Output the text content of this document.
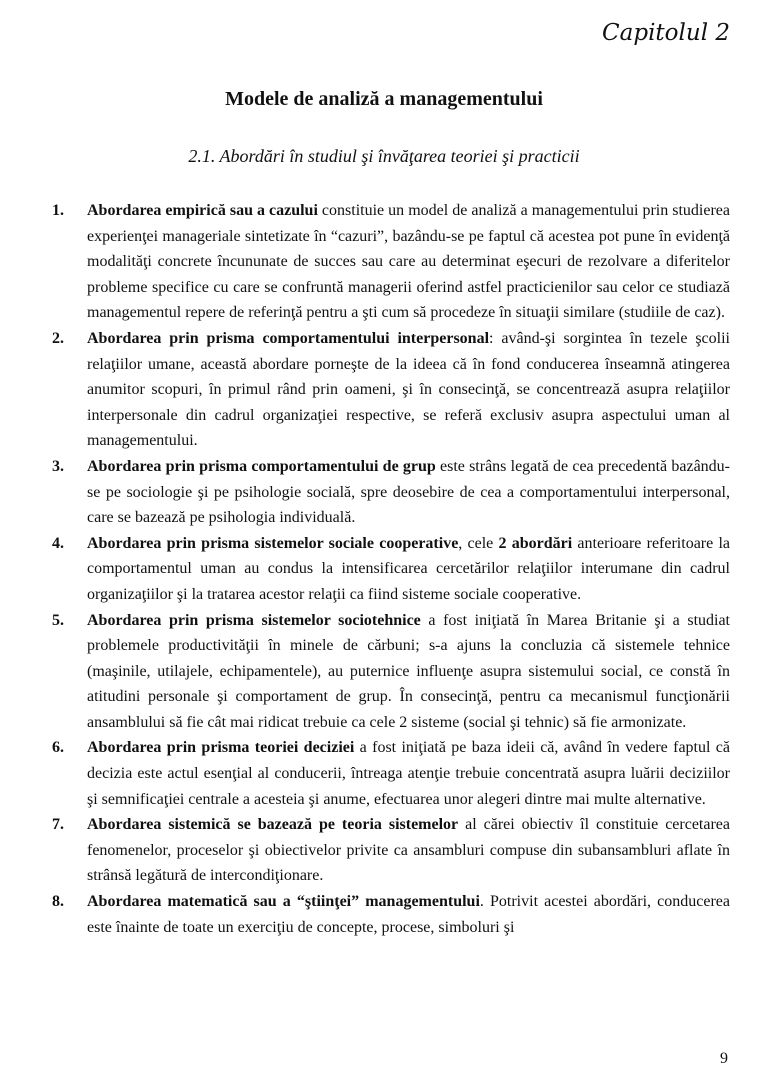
Capitolul 2
Modele de analiză a managementului
2.1. Abordări în studiul şi învăţarea teoriei şi practicii
1.	Abordarea empirică sau a cazului constituie un model de analiză a managementului prin studierea experienţei manageriale sintetizate în “cazuri”, bazându-se pe faptul că acestea pot pune în evidenţă modalităţi concrete încununate de succes sau care au determinat eşecuri de rezolvare a diferitelor probleme specifice cu care se confruntă managerii oferind astfel practicienilor sau celor ce studiază managementul repere de referinţă pentru a şti cum să procedeze în situaţii similare (studiile de caz).
2.	Abordarea prin prisma comportamentului interpersonal: având-şi sorgintea în tezele şcolii relaţiilor umane, această abordare porneşte de la ideea că în fond conducerea înseamnă atingerea anumitor scopuri, în primul rând prin oameni, şi în consecinţă, se concentrează asupra relaţiilor interpersonale din cadrul organizaţiei respective, se referă exclusiv asupra aspectului uman al managementului.
3.	Abordarea prin prisma comportamentului de grup este strâns legată de cea precedentă bazându-se pe sociologie şi pe psihologie socială, spre deosebire de cea a comportamentului interpersonal, care se bazează pe psihologia individuală.
4.	Abordarea prin prisma sistemelor sociale cooperative, cele 2 abordări anterioare referitoare la comportamentul uman au condus la intensificarea cercetărilor relaţiilor interumane din cadrul organizaţiilor şi la tratarea acestor relaţii ca fiind sisteme sociale cooperative.
5.	Abordarea prin prisma sistemelor sociotehnice a fost iniţiată în Marea Britanie şi a studiat problemele productivităţii în minele de cărbuni; s-a ajuns la concluzia că sistemele tehnice (maşinile, utilajele, echipamentele), au puternice influenţe asupra sistemului social, ce constă în atitudini personale şi comportament de grup. În consecinţă, pentru ca mecanismul funcţionării ansamblului să fie cât mai ridicat trebuie ca cele 2 sisteme (social şi tehnic) să fie armonizate.
6.	Abordarea prin prisma teoriei deciziei a fost iniţiată pe baza ideii că, având în vedere faptul că decizia este actul esenţial al conducerii, întreaga atenţie trebuie concentrată asupra luării deciziilor şi semnificaţiei centrale a acesteia şi anume, efectuarea unor alegeri dintre mai multe alternative.
7.	Abordarea sistemică se bazează pe teoria sistemelor al cărei obiectiv îl constituie cercetarea fenomenelor, proceselor şi obiectivelor privite ca ansambluri compuse din subansambluri aflate în strânsă legătură de intercondiţionare.
8.	Abordarea matematică sau a “ştiinţei” managementului. Potrivit acestei abordări, conducerea este înainte de toate un exerciţiu de concepte, procese, simboluri şi
9
